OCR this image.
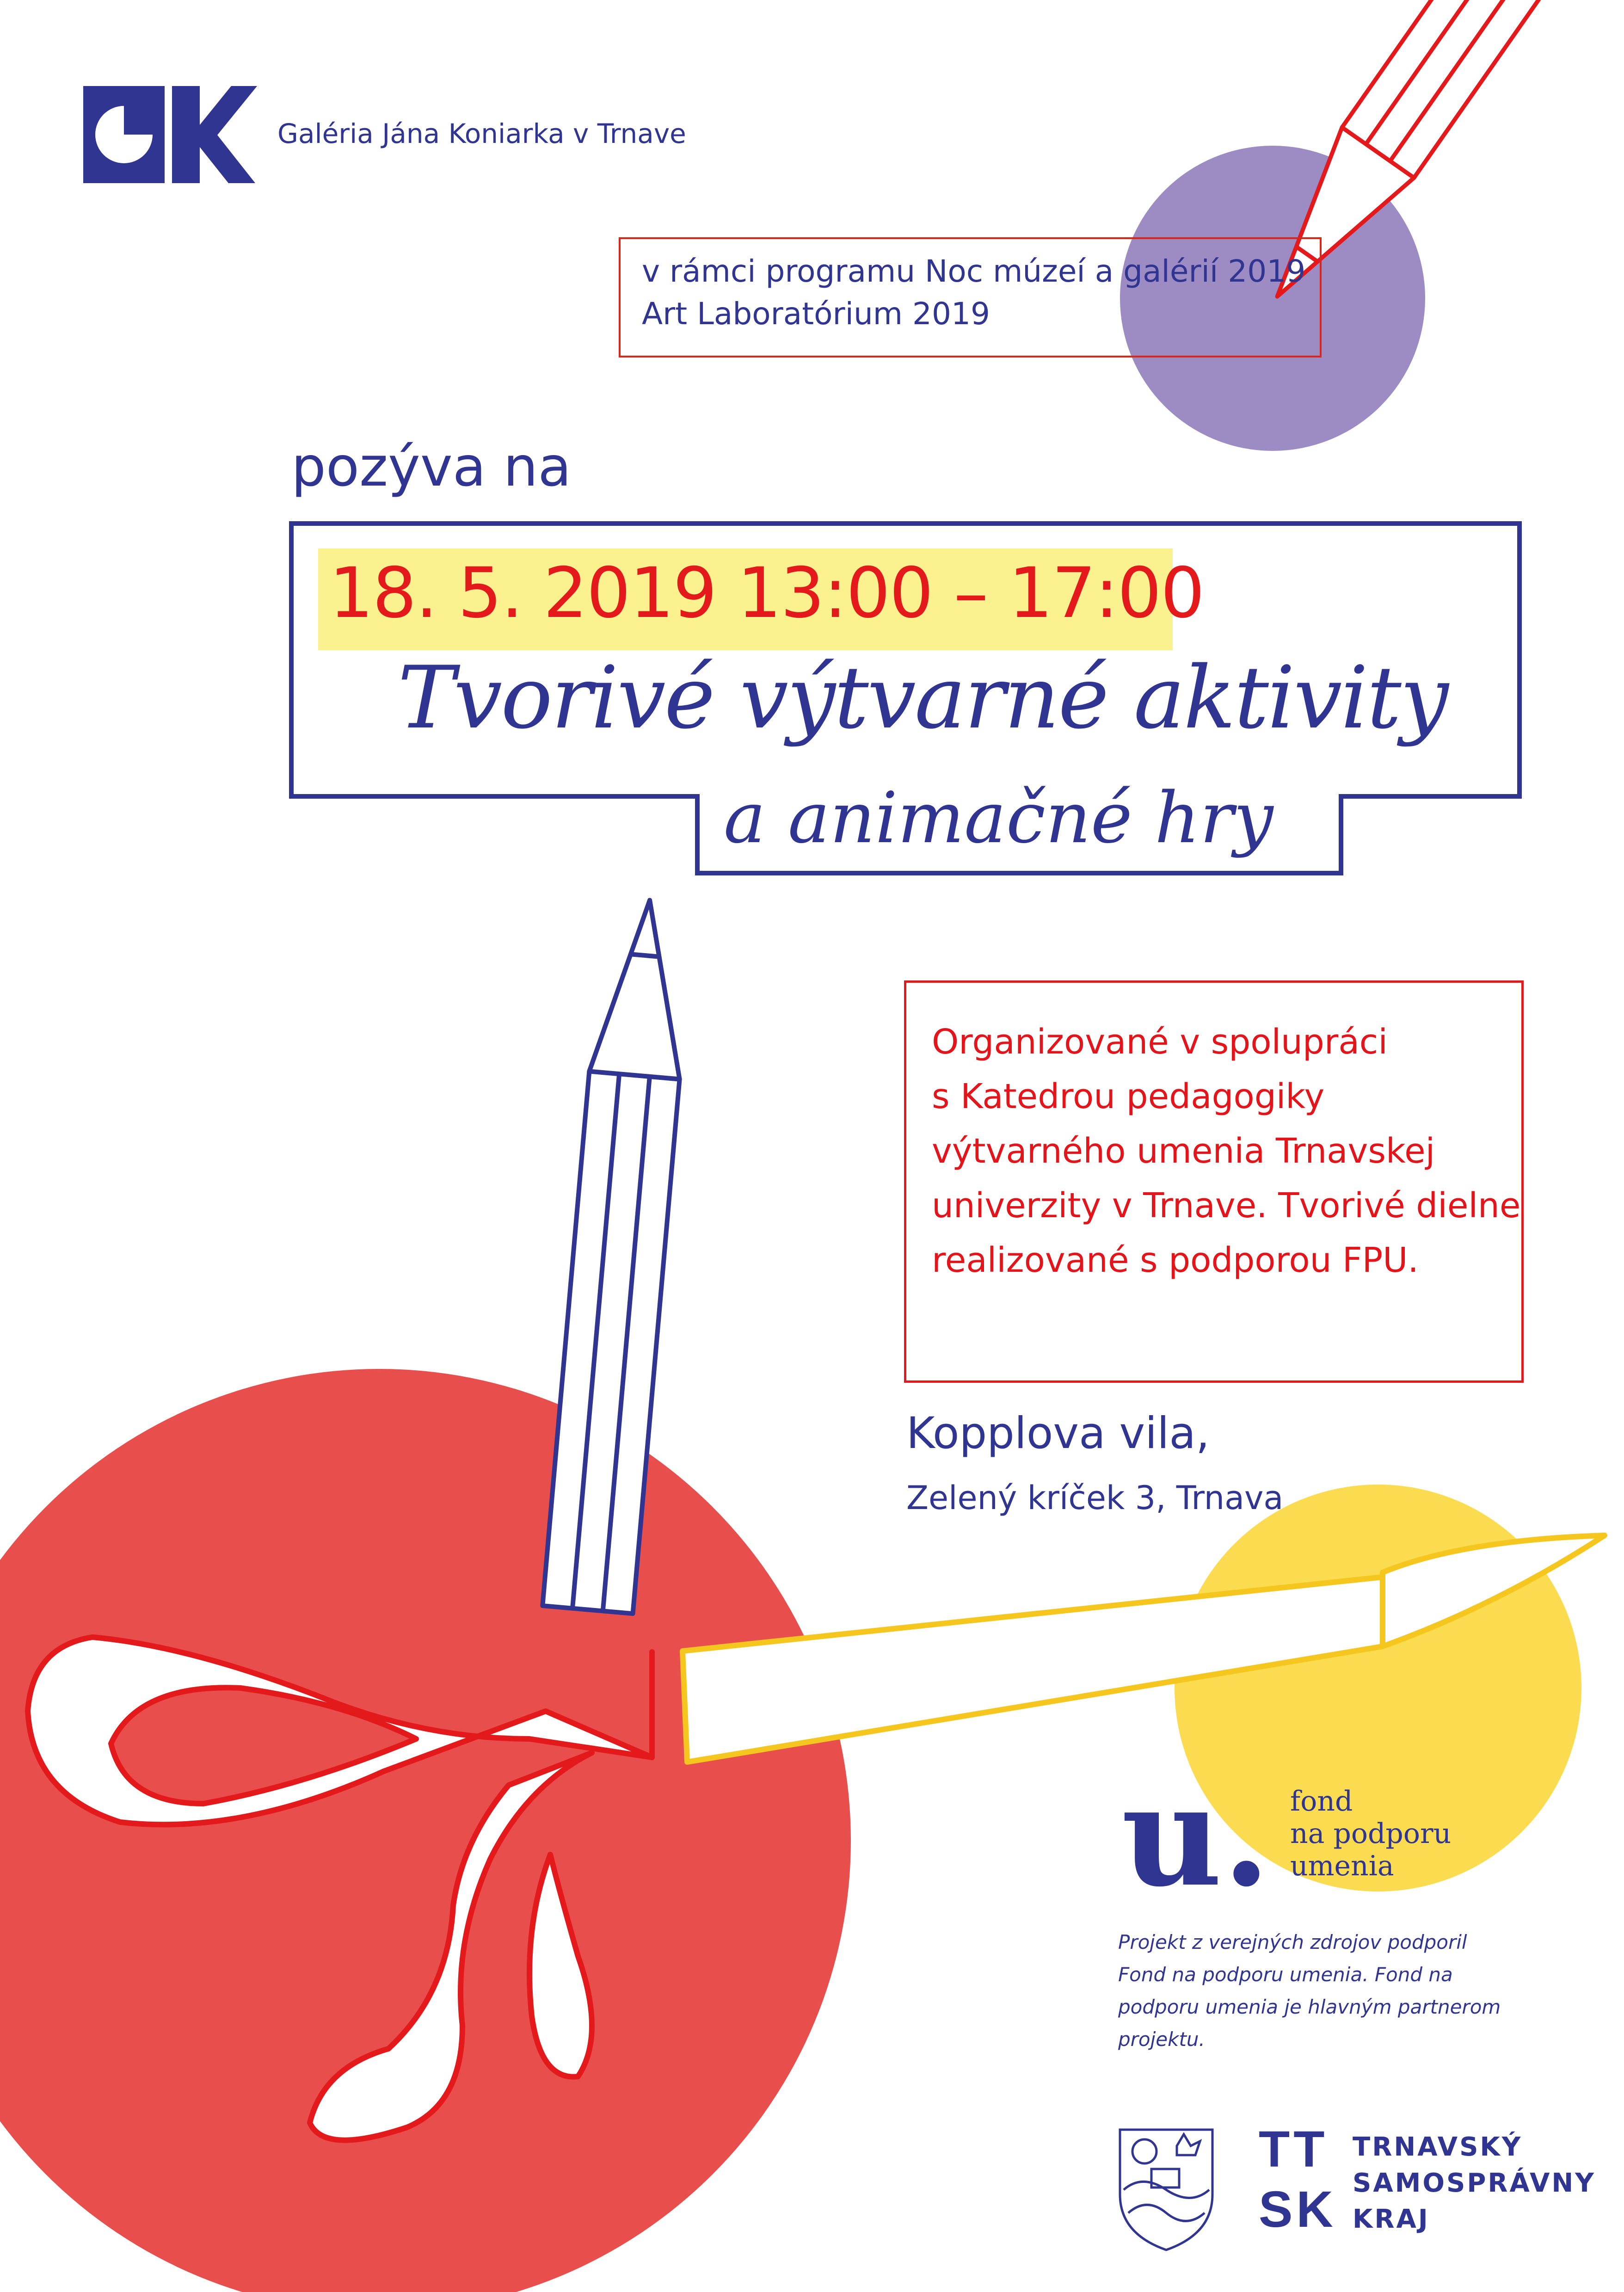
u.
TT
SK
Galéria Jána Koniarka v Trnave
v rámci programu Noc múzeí a galérií 2019
Art Laboratórium 2019
pozýva na
18. 5. 2019 13:00 – 17:00
Tvorivé výtvarné aktivity
a animačné hry
Organizované v spolupráci
s Katedrou pedagogiky
výtvarného umenia Trnavskej
univerzity v Trnave. Tvorivé dielne
realizované s podporou FPU.
Kopplova vila,
Zelený kríček 3, Trnava
fond
na podporu
umenia
Projekt z verejných zdrojov podporil
Fond na podporu umenia. Fond na
podporu umenia je hlavným partnerom
projektu.
TRNAVSKÝ
SAMOSPRÁVNY
KRAJ
